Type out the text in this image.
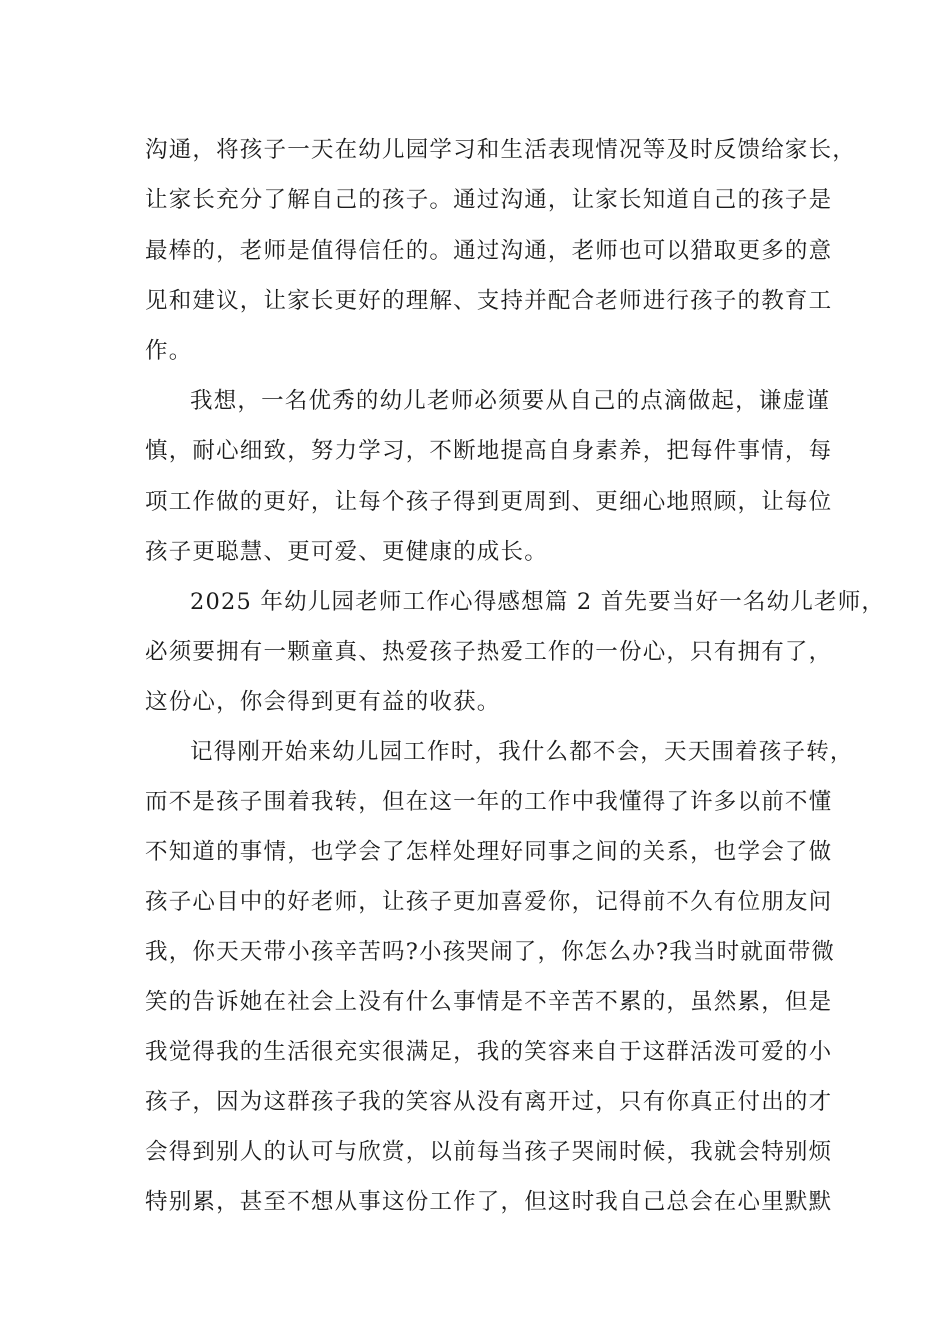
沟通，将孩子一天在幼儿园学习和生活表现情况等及时反馈给家长，
让家长充分了解自己的孩子。通过沟通，让家长知道自己的孩子是
最棒的，老师是值得信任的。通过沟通，老师也可以猎取更多的意
见和建议，让家长更好的理解、支持并配合老师进行孩子的教育工
作。
我想，一名优秀的幼儿老师必须要从自己的点滴做起，谦虚谨
慎，耐心细致，努力学习，不断地提高自身素养，把每件事情，每
项工作做的更好，让每个孩子得到更周到、更细心地照顾，让每位
孩子更聪慧、更可爱、更健康的成长。
2025 年幼儿园老师工作心得感想篇 2 首先要当好一名幼儿老师，
必须要拥有一颗童真、热爱孩子热爱工作的一份心，只有拥有了，
这份心，你会得到更有益的收获。
记得刚开始来幼儿园工作时，我什么都不会，天天围着孩子转，
而不是孩子围着我转，但在这一年的工作中我懂得了许多以前不懂
不知道的事情，也学会了怎样处理好同事之间的关系，也学会了做
孩子心目中的好老师，让孩子更加喜爱你，记得前不久有位朋友问
我，你天天带小孩辛苦吗?小孩哭闹了，你怎么办?我当时就面带微
笑的告诉她在社会上没有什么事情是不辛苦不累的，虽然累，但是
我觉得我的生活很充实很满足，我的笑容来自于这群活泼可爱的小
孩子，因为这群孩子我的笑容从没有离开过，只有你真正付出的才
会得到别人的认可与欣赏，以前每当孩子哭闹时候，我就会特别烦
特别累，甚至不想从事这份工作了，但这时我自己总会在心里默默
